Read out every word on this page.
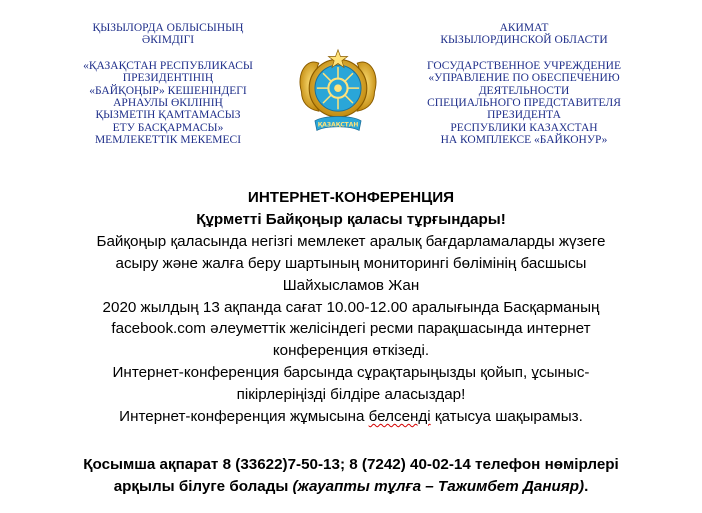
ҚЫЗЫЛОРДА ОБЛЫСЫНЫҢ
ӘКІМДІГІ
«ҚАЗАҚСТАН РЕСПУБЛИКАСЫ
ПРЕЗИДЕНТІНІҢ
«БАЙҚОҢЫР» КЕШЕНІНДЕГІ
АРНАУЛЫ ӨКІЛІНІҢ
ҚЫЗМЕТІН ҚАМТАМАСЫЗ
ЕТУ БАСҚАРМАСЫ»
МЕМЛЕКЕТТІК МЕКЕМЕСІ
ҚАЗАҚСТАН
АКИМАТ
КЫЗЫЛОРДИНСКОЙ ОБЛАСТИ
ГОСУДАРСТВЕННОЕ УЧРЕЖДЕНИЕ
«УПРАВЛЕНИЕ ПО ОБЕСПЕЧЕНИЮ
ДЕЯТЕЛЬНОСТИ
СПЕЦИАЛЬНОГО ПРЕДСТАВИТЕЛЯ
ПРЕЗИДЕНТА
РЕСПУБЛИКИ КАЗАХСТАН
НА КОМПЛЕКСЕ «БАЙКОНУР»
ИНТЕРНЕТ-КОНФЕРЕНЦИЯ
Құрметті Байқоңыр қаласы тұрғындары!
Байқоңыр қаласында негізгі мемлекет аралық бағдарламаларды жүзеге
асыру және жалға беру шартының мониторингі бөлімінің басшысы
Шайхысламов Жан
2020 жылдың 13 ақпанда сағат 10.00-12.00 аралығында Басқарманың
facebook.com әлеуметтік желісіндегі ресми парақшасында интернет
конференция өткізеді.
Интернет-конференция барсында сұрақтарыңызды қойып, ұсыныс-
пікірлеріңізді білдіре аласыздар!
Интернет-конференция жұмысына белсенді қатысуа шақырамыз.
Қосымша ақпарат 8 (33622)7-50-13; 8 (7242) 40-02-14 телефон нөмірлері
арқылы білуге болады (жауапты тұлға – Тажимбет Данияр).
